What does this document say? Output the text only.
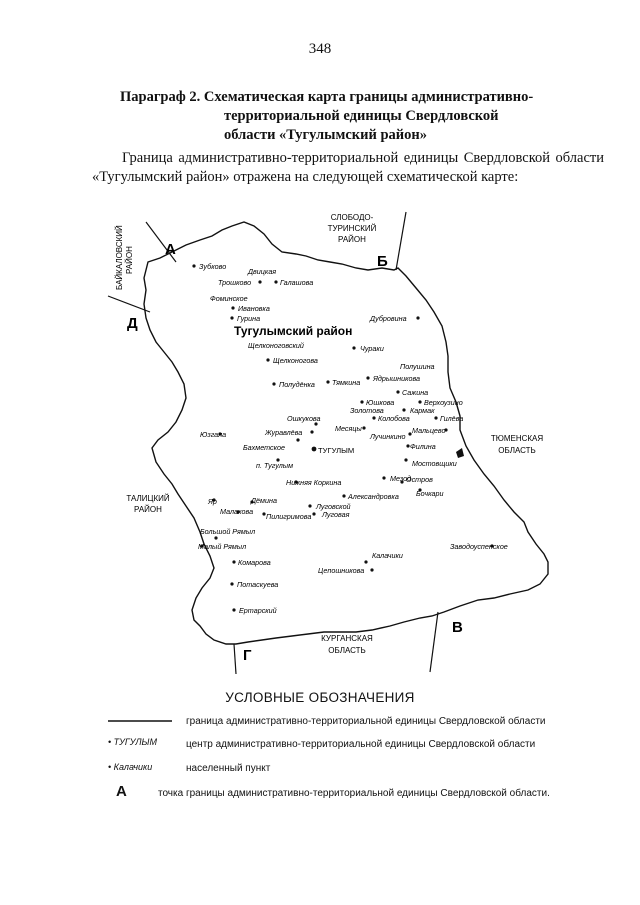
348
Параграф 2. Схематическая карта границы административно-
территориальной единицы Свердловской
области «Тугулымский район»
Граница административно-территориальной единицы Свердловской области «Тугулымский район» отражена на следующей схематической карте:
А
Б
В
Г
Д
БАЙКАЛОВСКИЙ РАЙОН
СЛОБОДО-
ТУРИНСКИЙ
РАЙОН
ТЮМЕНСКАЯ
ОБЛАСТЬ
ТАЛИЦКИЙ
РАЙОН
КУРГАНСКАЯ
ОБЛАСТЬ
Тугулымский район
Зубково
Двицкая
Трошково	Галашова
Фоминское
Ивановка
Гурина	Дубровина
Щелконоговский	Чураки
Щелконогова
Полушина
Полудёнка Тямкина Ядрышникова
Сажина
Юшкова	Верхоузино
Золотова	Кармак
Ошкукова	Колобова	Гилёва
Журавлёва	Месяцы	Мальцево
Юзгала	Лучинкино
Бахметское	Филина
Мостовщики
п. Тугулым
Мезод
Остров
Нижняя Коркина
Бочкари
Александровка
Яр	Дёмина
Луговской
Малахова
Пилигримова Луговая
Большой Рямыл
Малый Рямыл	Заводоуспенское
Калачики
Комарова
Цепошникова
Потаскуева
Ертарский
ТУГУЛЫМ
УСЛОВНЫЕ ОБОЗНАЧЕНИЯ
граница административно-территориальной единицы Свердловской области
• ТУГУЛЫМ	центр административно-территориальной единицы Свердловской области
• Калачики	населенный пункт
А	точка границы административно-территориальной единицы Свердловской области.
